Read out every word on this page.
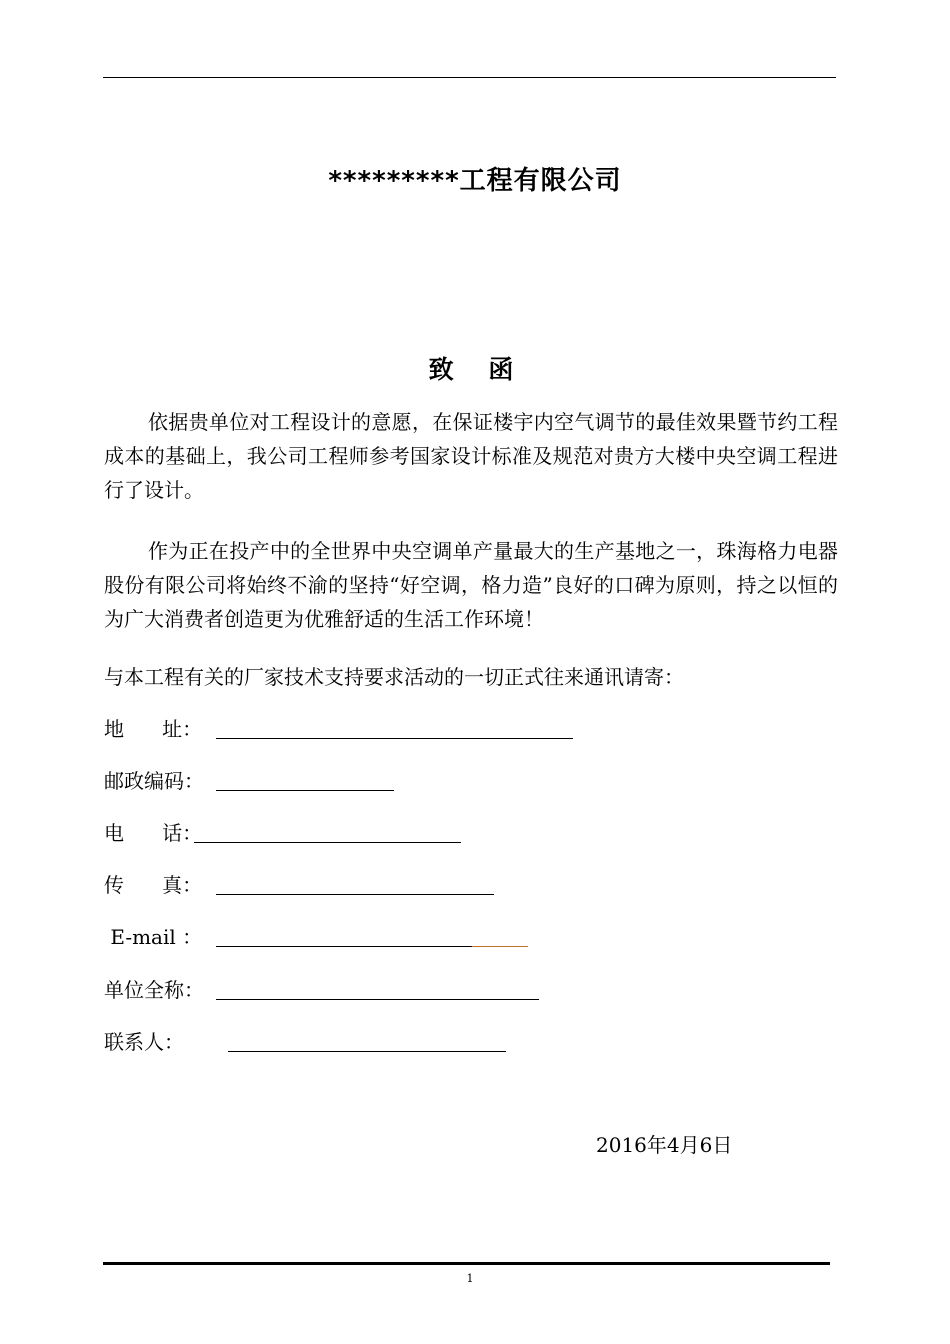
*********工程有限公司
致    函

依据贵单位对工程设计的意愿，在保证楼宇内空气调节的最佳效果暨节约工程成本的基础上，我公司工程师参考国家设计标准及规范对贵方大楼中央空调工程进行了设计。

作为正在投产中的全世界中央空调单产量最大的生产基地之一，珠海格力电器股份有限公司将始终不渝的坚持“好空调，格力造”良好的口碑为原则，持之以恒的为广大消费者创造更为优雅舒适的生活工作环境！

与本工程有关的厂家技术支持要求活动的一切正式往来通讯请寄：

地      址：
邮政编码：
电      话：
传      真：
E-mail ：
单位全称：
联系人：
2016年4月6日
1
